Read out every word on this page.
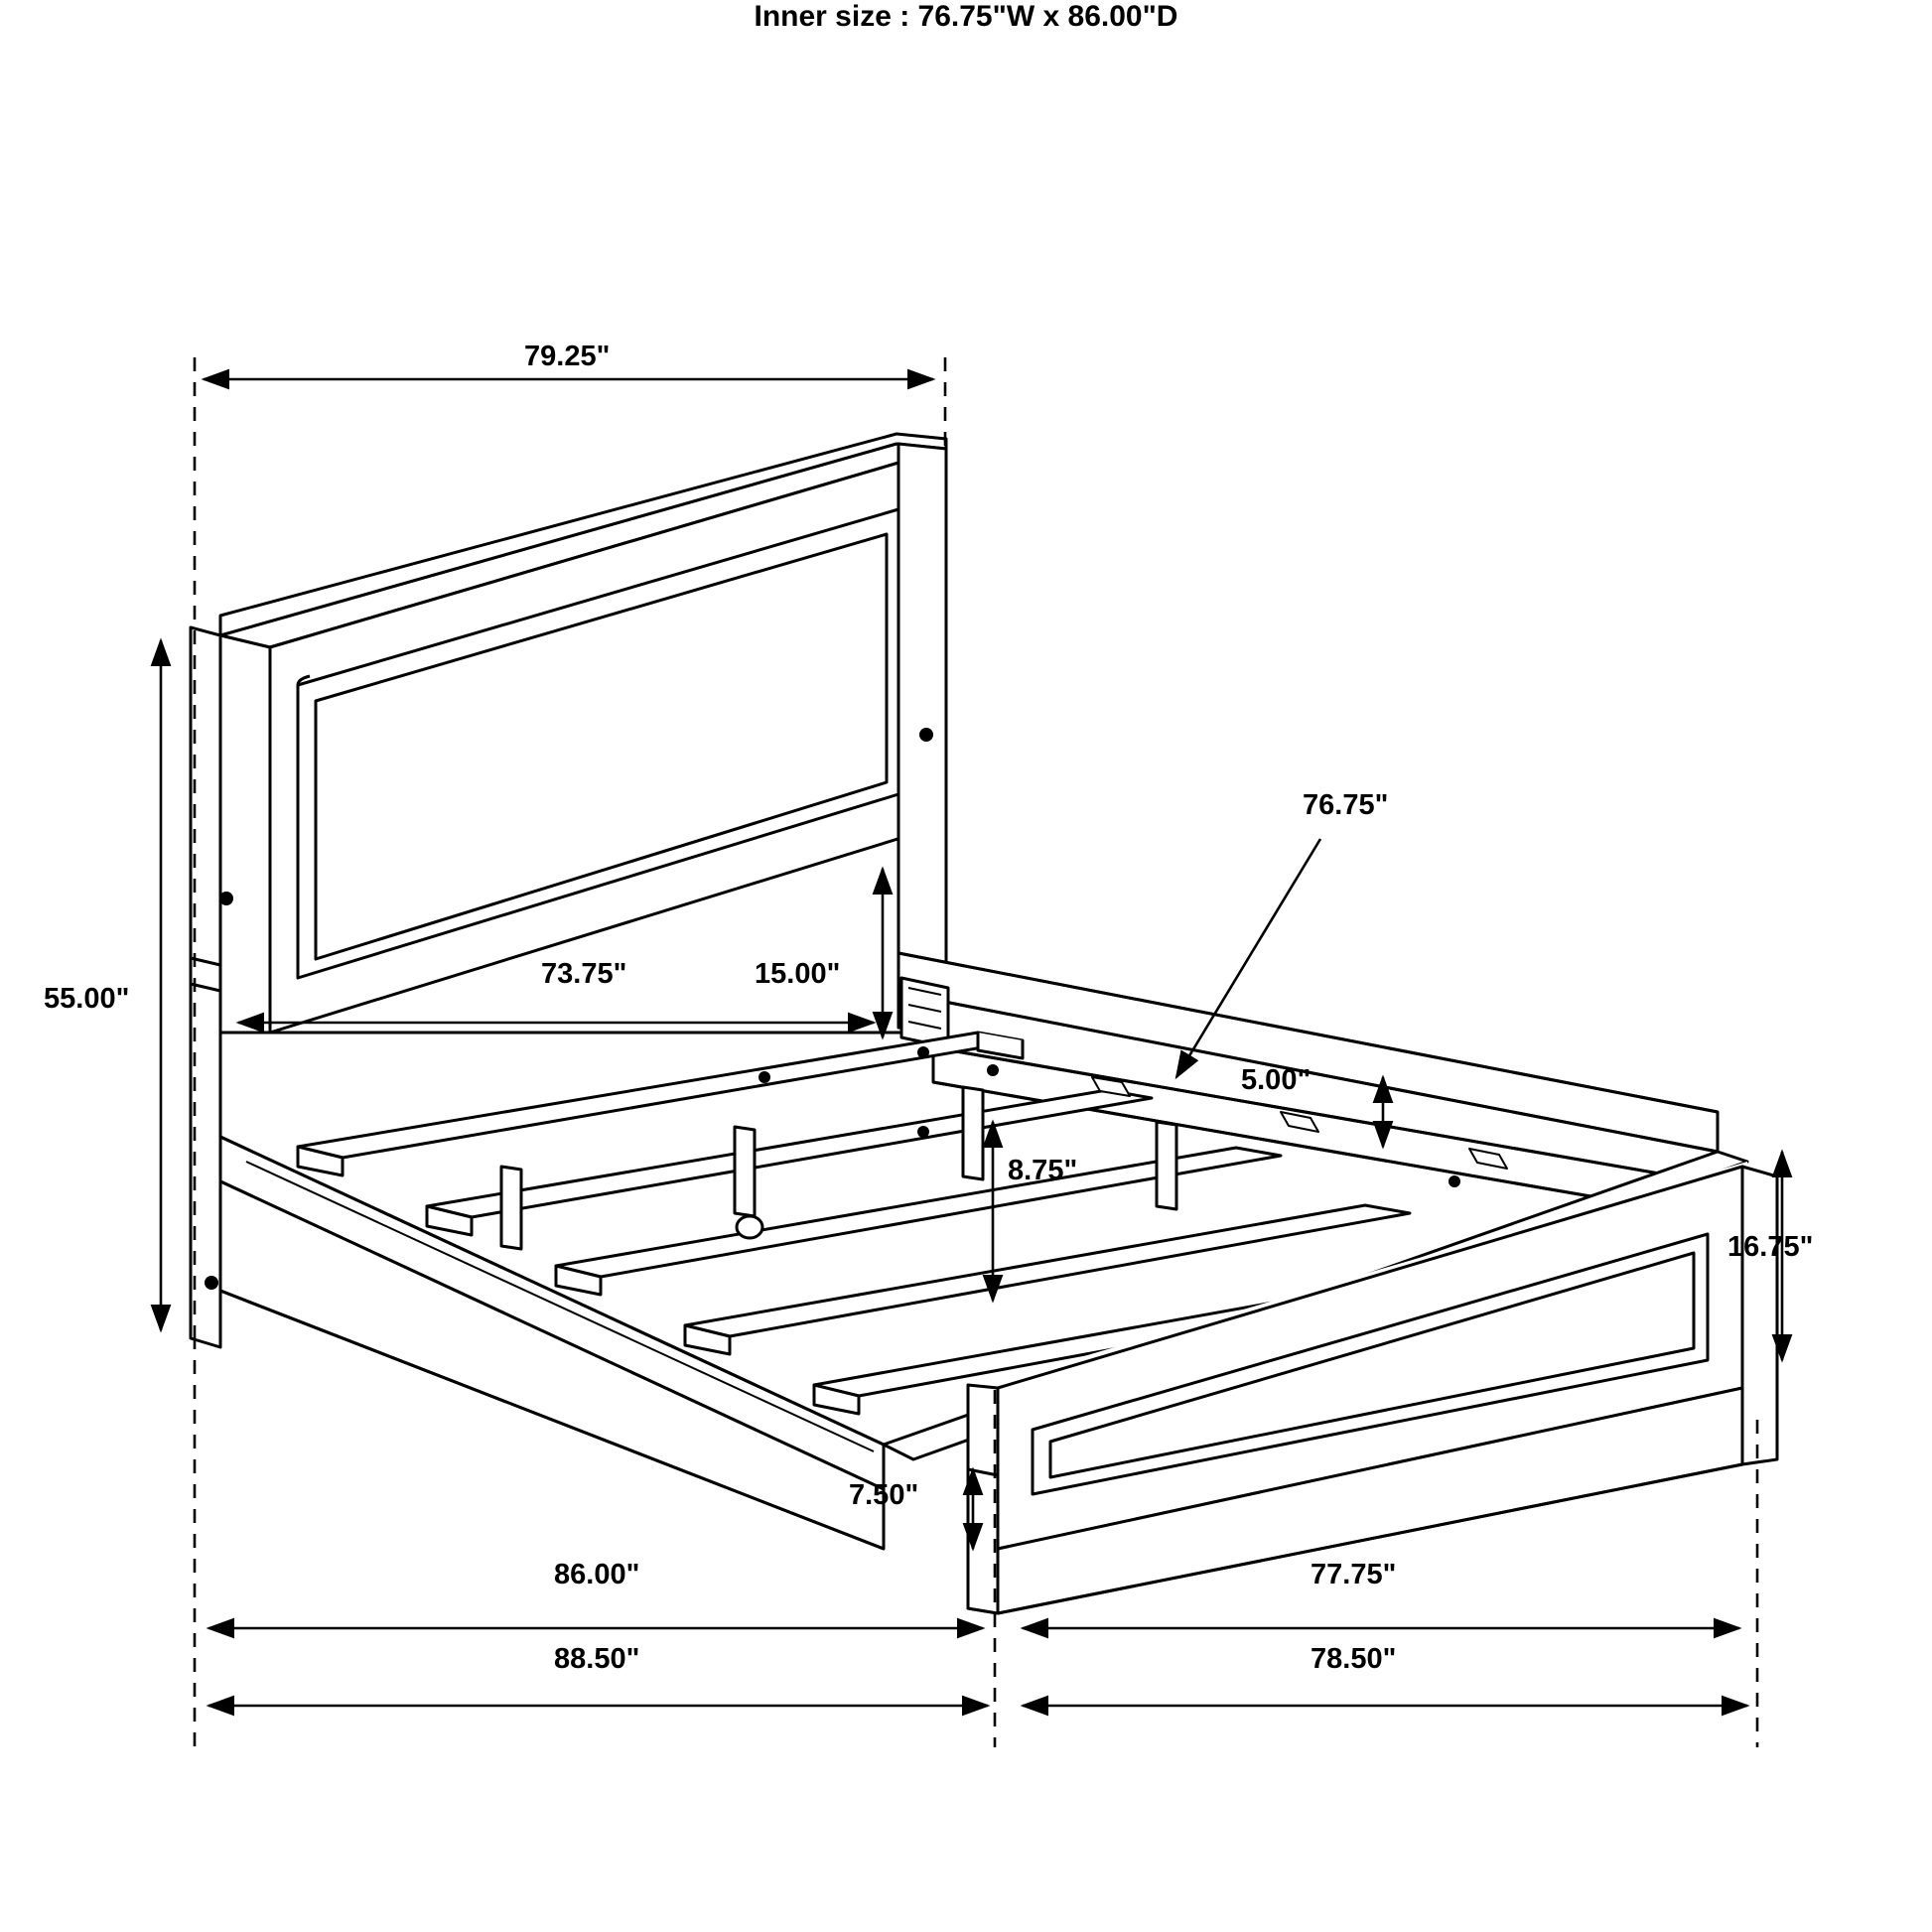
Inner size : 76.75"W x 86.00"D
79.25"
55.00"
73.75"	15.00"
76.75"
5.00"
8.75"
16.75"
7.50"
86.00"	77.75"
88.50"	78.50"
